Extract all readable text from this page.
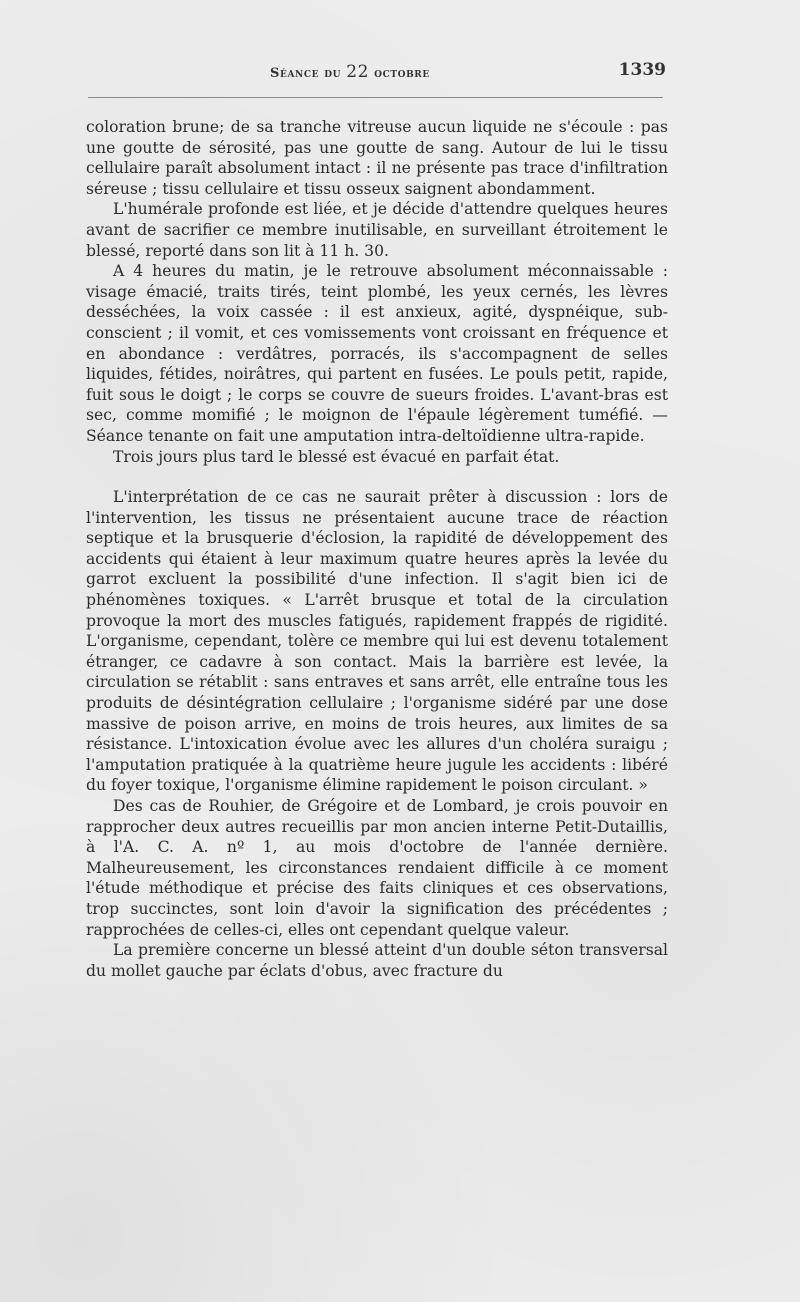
Séance du 22 octobre	1339

coloration brune; de sa tranche vitreuse aucun liquide ne s'écoule : pas une goutte de sérosité, pas une goutte de sang. Autour de lui le tissu cellulaire paraît absolument intact : il ne présente pas trace d'infiltration séreuse ; tissu cellulaire et tissu osseux saignent abondamment.

L'humérale profonde est liée, et je décide d'attendre quelques heures avant de sacrifier ce membre inutilisable, en surveillant étroitement le blessé, reporté dans son lit à 11 h. 30.

A 4 heures du matin, je le retrouve absolument méconnaissable : visage émacié, traits tirés, teint plombé, les yeux cernés, les lèvres desséchées, la voix cassée : il est anxieux, agité, dyspnéique, sub-conscient ; il vomit, et ces vomissements vont croissant en fréquence et en abondance : verdâtres, porracés, ils s'accompagnent de selles liquides, fétides, noirâtres, qui partent en fusées. Le pouls petit, rapide, fuit sous le doigt ; le corps se couvre de sueurs froides. L'avant-bras est sec, comme momifié ; le moignon de l'épaule légèrement tuméfié. — Séance tenante on fait une amputation intra-deltoïdienne ultra-rapide.

Trois jours plus tard le blessé est évacué en parfait état.

L'interprétation de ce cas ne saurait prêter à discussion : lors de l'intervention, les tissus ne présentaient aucune trace de réaction septique et la brusquerie d'éclosion, la rapidité de développement des accidents qui étaient à leur maximum quatre heures après la levée du garrot excluent la possibilité d'une infection. Il s'agit bien ici de phénomènes toxiques. « L'arrêt brusque et total de la circulation provoque la mort des muscles fatigués, rapidement frappés de rigidité. L'organisme, cependant, tolère ce membre qui lui est devenu totalement étranger, ce cadavre à son contact. Mais la barrière est levée, la circulation se rétablit : sans entraves et sans arrêt, elle entraîne tous les produits de désintégration cellulaire ; l'organisme sidéré par une dose massive de poison arrive, en moins de trois heures, aux limites de sa résistance. L'intoxication évolue avec les allures d'un choléra suraigu ; l'amputation pratiquée à la quatrième heure jugule les accidents : libéré du foyer toxique, l'organisme élimine rapidement le poison circulant. »

Des cas de Rouhier, de Grégoire et de Lombard, je crois pouvoir en rapprocher deux autres recueillis par mon ancien interne Petit-Dutaillis, à l'A. C. A. nº 1, au mois d'octobre de l'année dernière. Malheureusement, les circonstances rendaient difficile à ce moment l'étude méthodique et précise des faits cliniques et ces observations, trop succinctes, sont loin d'avoir la signification des précédentes ; rapprochées de celles-ci, elles ont cependant quelque valeur.

La première concerne un blessé atteint d'un double séton transversal du mollet gauche par éclats d'obus, avec fracture du
